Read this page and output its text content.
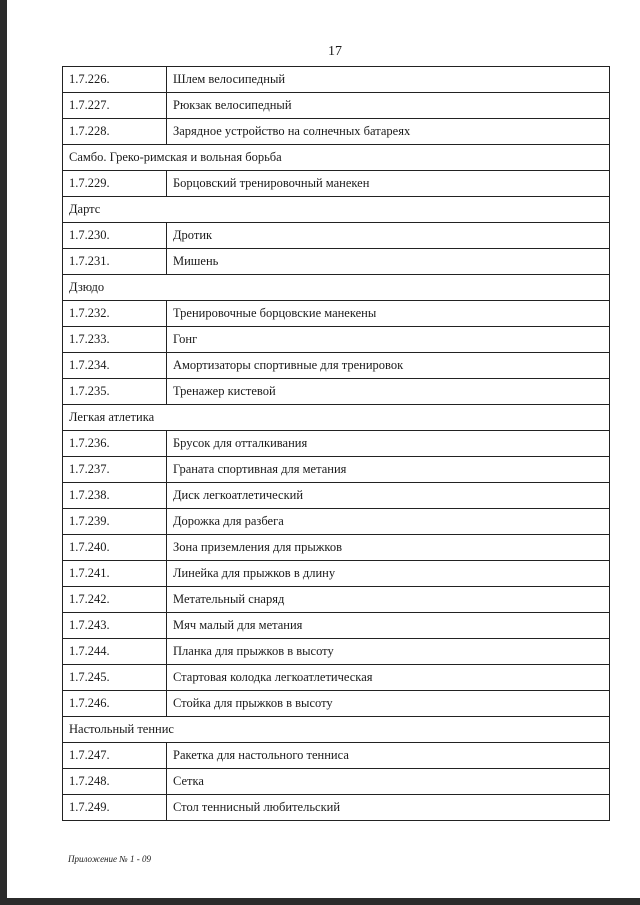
17
1.7.226.	Шлем велосипедный
1.7.227.	Рюкзак велосипедный
1.7.228.	Зарядное устройство на солнечных батареях
Самбо. Греко-римская и вольная борьба	
1.7.229.	Борцовский тренировочный манекен
Дартс	
1.7.230.	Дротик
1.7.231.	Мишень
Дзюдо	
1.7.232.	Тренировочные борцовские манекены
1.7.233.	Гонг
1.7.234.	Амортизаторы спортивные для тренировок
1.7.235.	Тренажер кистевой
Легкая атлетика	
1.7.236.	Брусок для отталкивания
1.7.237.	Граната спортивная для метания
1.7.238.	Диск легкоатлетический
1.7.239.	Дорожка для разбега
1.7.240.	Зона приземления для прыжков
1.7.241.	Линейка для прыжков в длину
1.7.242.	Метательный снаряд
1.7.243.	Мяч малый для метания
1.7.244.	Планка для прыжков в высоту
1.7.245.	Стартовая колодка легкоатлетическая
1.7.246.	Стойка для прыжков в высоту
Настольный теннис	
1.7.247.	Ракетка для настольного тенниса
1.7.248.	Сетка
1.7.249.	Стол теннисный любительский
Приложение № 1 - 09
